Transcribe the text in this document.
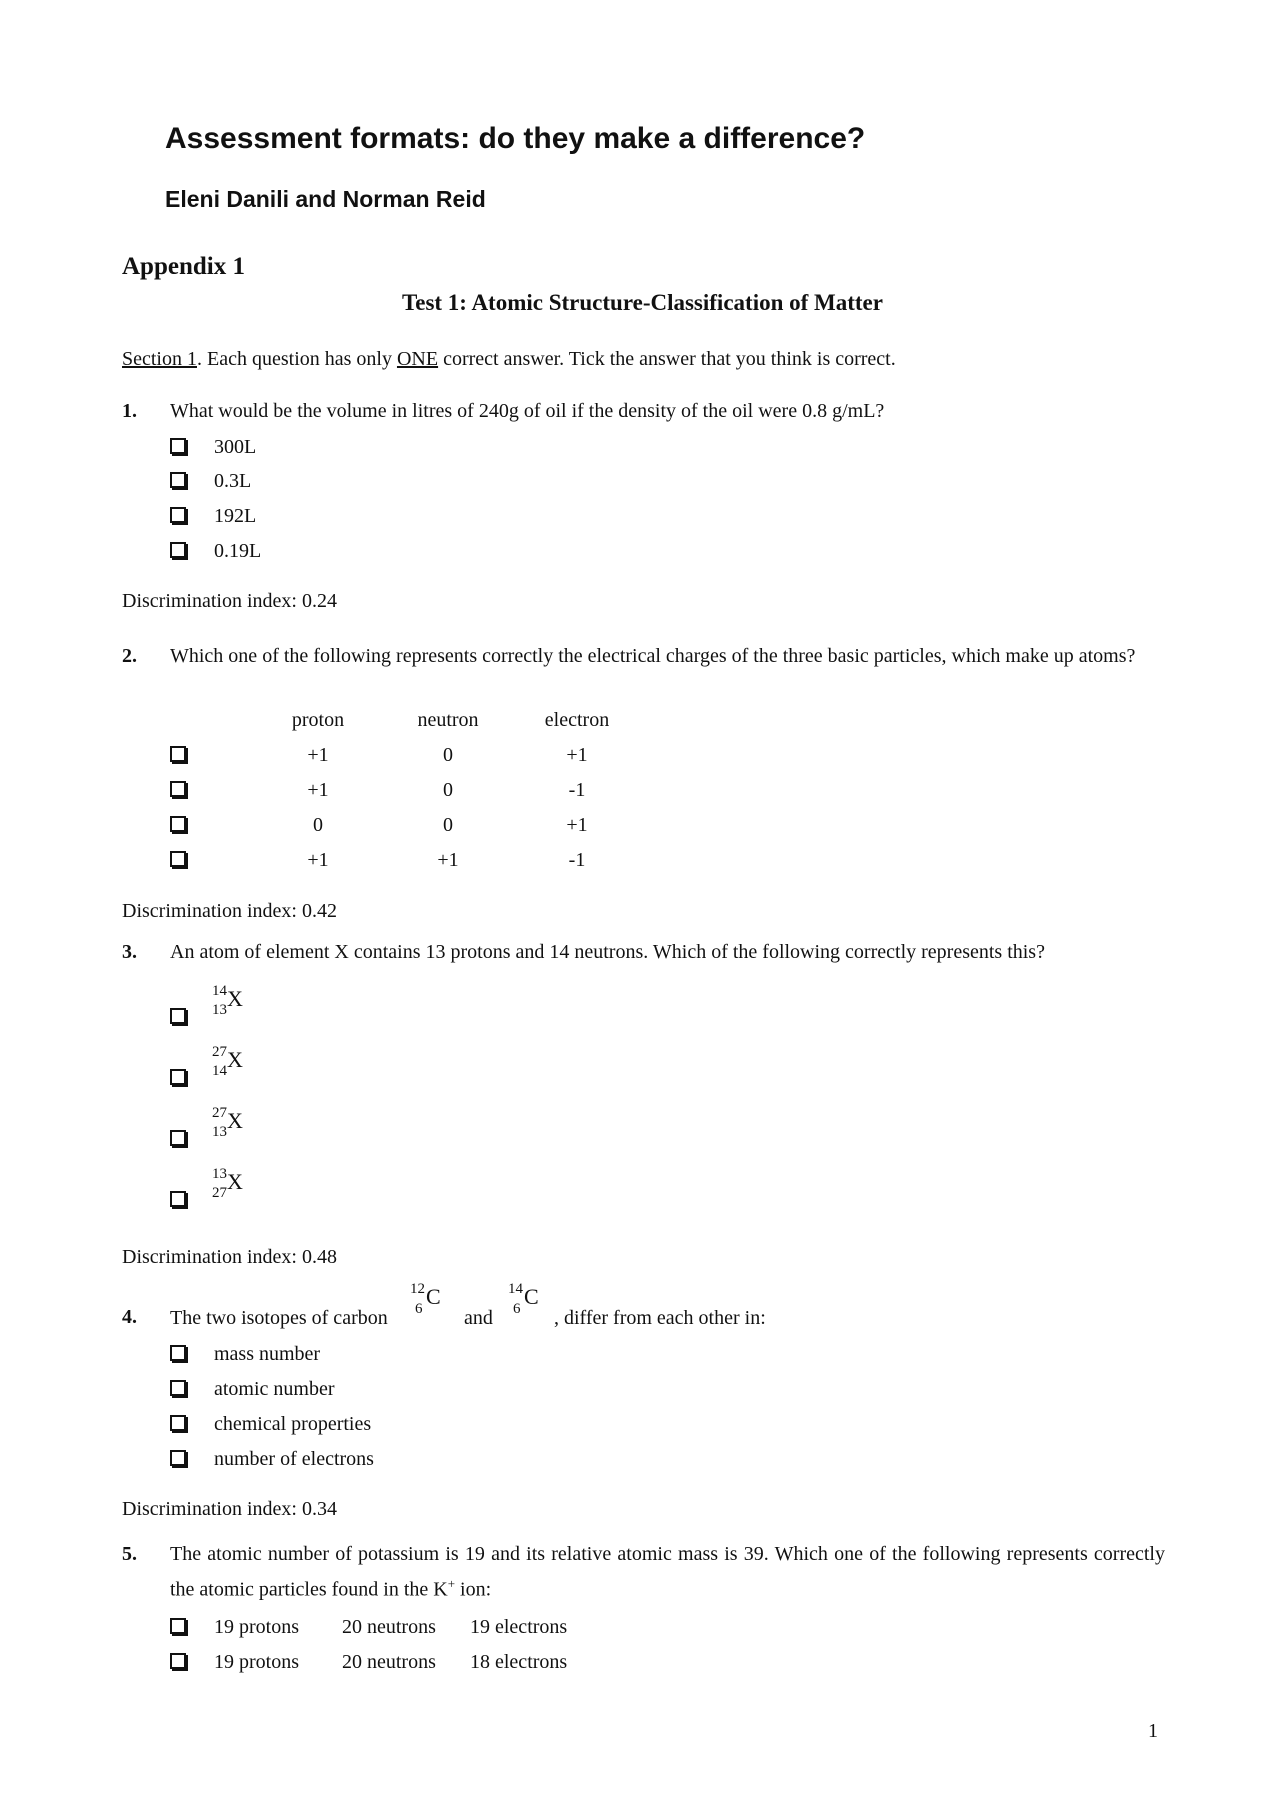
Assessment formats: do they make a difference?
Eleni Danili and Norman Reid
Appendix 1
Test 1: Atomic Structure-Classification of Matter
Section 1. Each question has only ONE correct answer. Tick the answer that you think is correct.
1. What would be the volume in litres of 240g of oil if the density of the oil were 0.8 g/mL?
300L
0.3L
192L
0.19L
Discrimination index: 0.24
2. Which one of the following represents correctly the electrical charges of the three basic particles, which make up atoms?
proton	neutron	electron
+1	0	+1
+1	0	-1
0	0	+1
+1	+1	-1
Discrimination index: 0.42
3. An atom of element X contains 13 protons and 14 neutrons. Which of the following correctly represents this?
14
13 X
27
14 X
27
13 X
13
27 X
Discrimination index: 0.48
4. The two isotopes of carbon
12
6 C
and
14
6 C
, differ from each other in:
mass number
atomic number
chemical properties
number of electrons
Discrimination index: 0.34
5. The atomic number of potassium is 19 and its relative atomic mass is 39. Which one of the following represents correctly the atomic particles found in the K+ ion:
19 protons 20 neutrons 19 electrons
19 protons 20 neutrons 18 electrons
1
